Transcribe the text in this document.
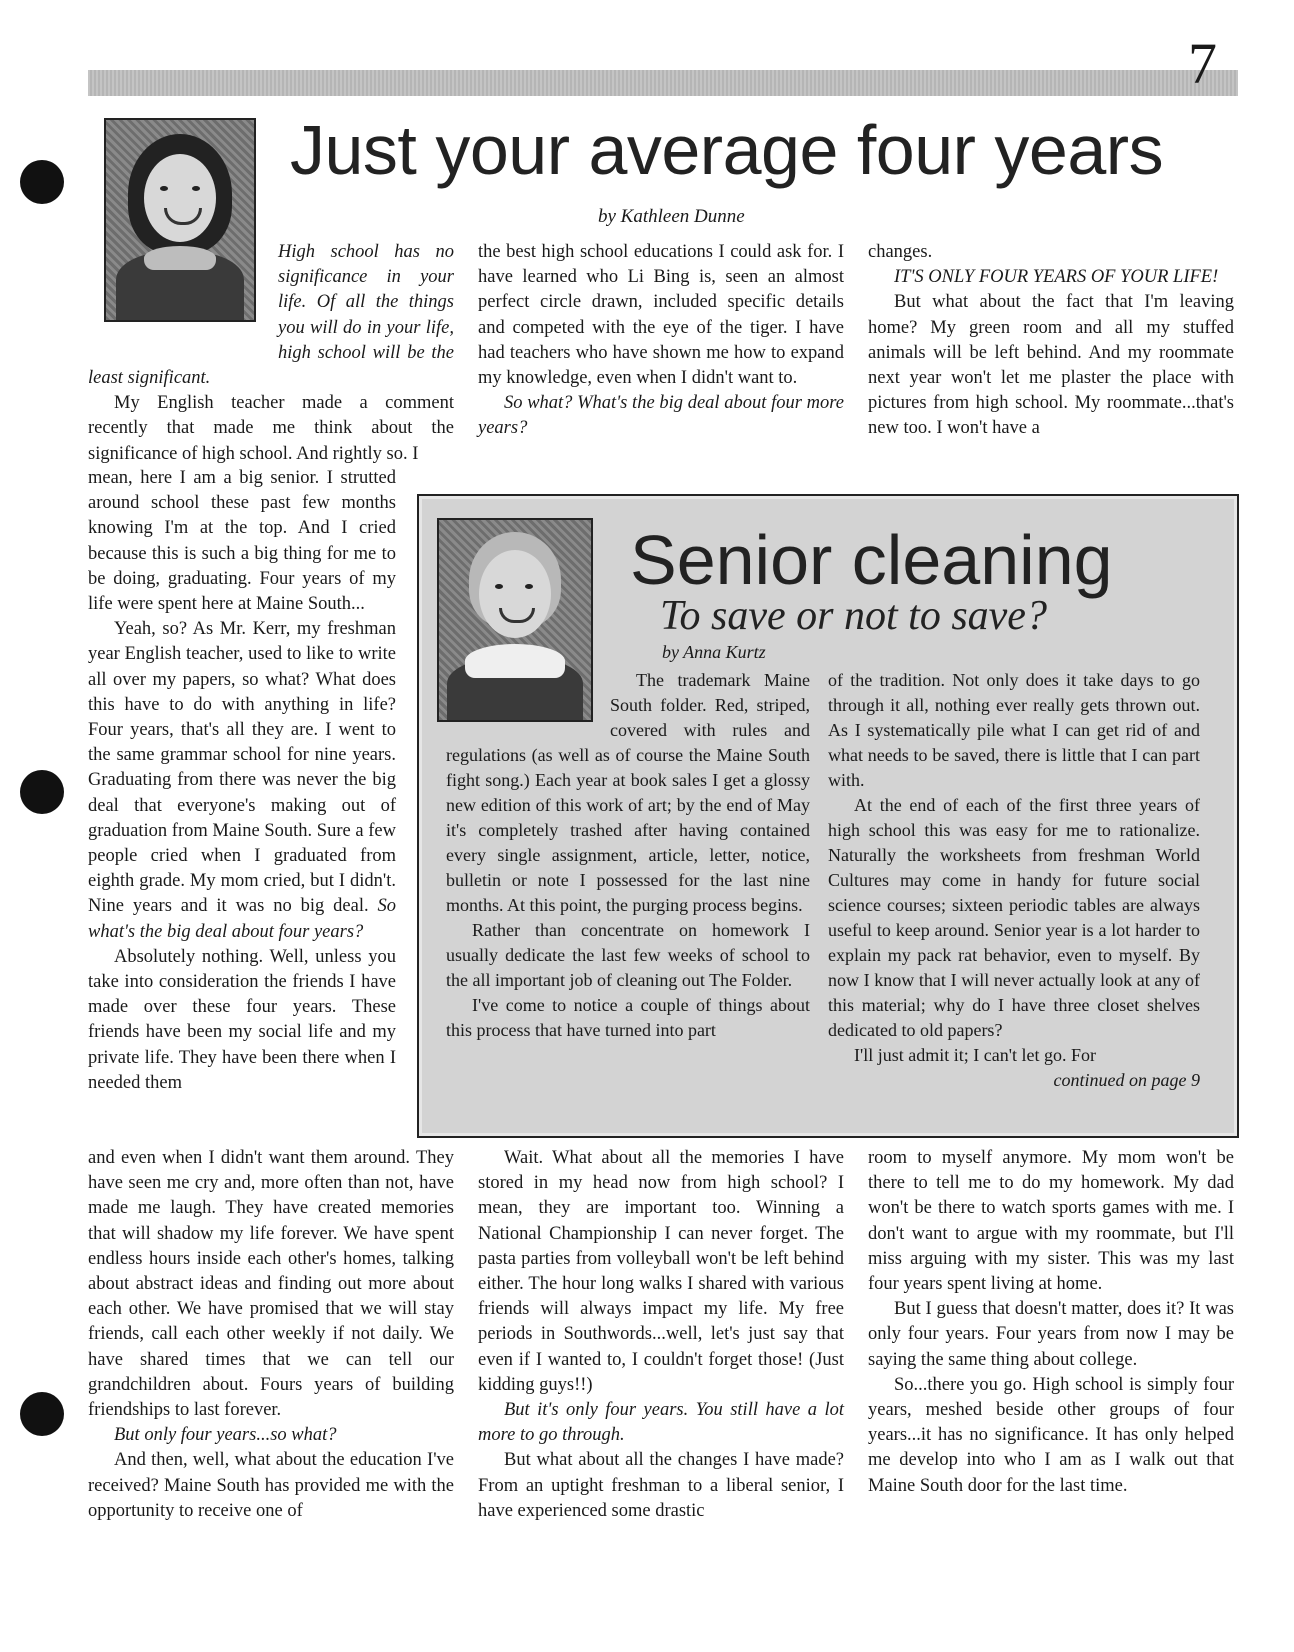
7
Just your average four years
by Kathleen Dunne

High school has no significance in your life. Of all the things you will do in your life, high school will be the least significant.

My English teacher made a comment recently that made me think about the significance of high school. And rightly so. I

mean, here I am a big senior. I strutted around school these past few months knowing I'm at the top. And I cried because this is such a big thing for me to be doing, graduating. Four years of my life were spent here at Maine South...

Yeah, so? As Mr. Kerr, my freshman year English teacher, used to like to write all over my papers, so what? What does this have to do with anything in life? Four years, that's all they are. I went to the same grammar school for nine years. Graduating from there was never the big deal that everyone's making out of graduation from Maine South. Sure a few people cried when I graduated from eighth grade. My mom cried, but I didn't. Nine years and it was no big deal. So what's the big deal about four years?

Absolutely nothing. Well, unless you take into consideration the friends I have made over these four years. These friends have been my social life and my private life. They have been there when I needed them

and even when I didn't want them around. They have seen me cry and, more often than not, have made me laugh. They have created memories that will shadow my life forever. We have spent endless hours inside each other's homes, talking about abstract ideas and finding out more about each other. We have promised that we will stay friends, call each other weekly if not daily. We have shared times that we can tell our grandchildren about. Fours years of building friendships to last forever.

But only four years...so what?

And then, well, what about the education I've received? Maine South has provided me with the opportunity to receive one of

the best high school educations I could ask for. I have learned who Li Bing is, seen an almost perfect circle drawn, included specific details and competed with the eye of the tiger. I have had teachers who have shown me how to expand my knowledge, even when I didn't want to.

So what? What's the big deal about four more years?

Wait. What about all the memories I have stored in my head now from high school? I mean, they are important too. Winning a National Championship I can never forget. The pasta parties from volleyball won't be left behind either. The hour long walks I shared with various friends will always impact my life. My free periods in Southwords...well, let's just say that even if I wanted to, I couldn't forget those! (Just kidding guys!!)

But it's only four years. You still have a lot more to go through.

But what about all the changes I have made? From an uptight freshman to a liberal senior, I have experienced some drastic

changes.

IT'S ONLY FOUR YEARS OF YOUR LIFE!

But what about the fact that I'm leaving home? My green room and all my stuffed animals will be left behind. And my roommate next year won't let me plaster the place with pictures from high school. My roommate...that's new too. I won't have a

room to myself anymore. My mom won't be there to tell me to do my homework. My dad won't be there to watch sports games with me. I don't want to argue with my roommate, but I'll miss arguing with my sister. This was my last four years spent living at home.

But I guess that doesn't matter, does it? It was only four years. Four years from now I may be saying the same thing about college.

So...there you go. High school is simply four years, meshed beside other groups of four years...it has no significance. It has only helped me develop into who I am as I walk out that Maine South door for the last time.

Senior cleaning
To save or not to save?
by Anna Kurtz

The trademark Maine South folder. Red, striped, covered with rules and regulations (as well as of course the Maine South fight song.) Each year at book sales I get a glossy new edition of this work of art; by the end of May it's completely trashed after having contained every single assignment, article, letter, notice, bulletin or note I possessed for the last nine months. At this point, the purging process begins.

Rather than concentrate on homework I usually dedicate the last few weeks of school to the all important job of cleaning out The Folder.

I've come to notice a couple of things about this process that have turned into part

of the tradition. Not only does it take days to go through it all, nothing ever really gets thrown out. As I systematically pile what I can get rid of and what needs to be saved, there is little that I can part with.

At the end of each of the first three years of high school this was easy for me to rationalize. Naturally the worksheets from freshman World Cultures may come in handy for future social science courses; sixteen periodic tables are always useful to keep around. Senior year is a lot harder to explain my pack rat behavior, even to myself. By now I know that I will never actually look at any of this material; why do I have three closet shelves dedicated to old papers?

I'll just admit it; I can't let go. For

continued on page 9
